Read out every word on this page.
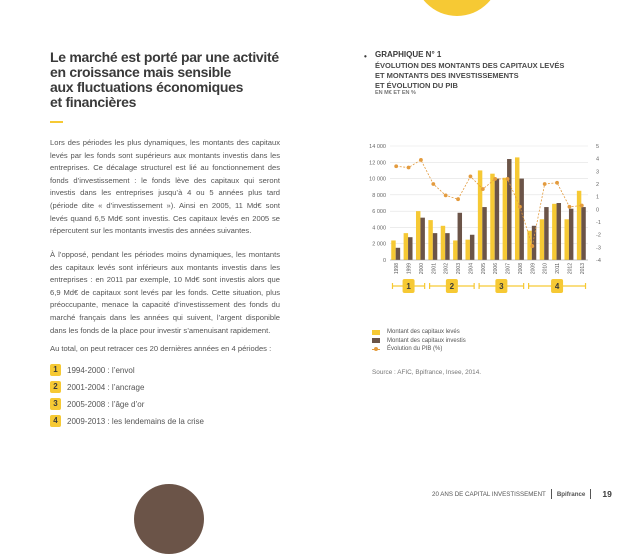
Le marché est porté par une activité
en croissance mais sensible
aux fluctuations économiques
et financières

Lors des périodes les plus dynamiques, les montants des capitaux levés par les fonds sont supérieurs aux montants investis dans les entreprises. Ce décalage structurel est lié au fonctionnement des fonds d’investissement : le fonds lève des capitaux qui seront investis dans les entreprises jusqu’à 4 ou 5 années plus tard (période dite « d’investissement »). Ainsi en 2005, 11 Md€ sont levés quand 6,5 Md€ sont investis. Ces capitaux levés en 2005 se répercutent sur les montants investis des années suivantes.

À l’opposé, pendant les périodes moins dynamiques, les montants des capitaux levés sont inférieurs aux montants investis dans les entreprises : en 2011 par exemple, 10 Md€ sont investis alors que 6,9 Md€ de capitaux sont levés par les fonds. Cette situation, plus préoccupante, menace la capacité d’investissement des fonds du marché français dans les années qui suivent, l’argent disponible dans les fonds de la place pour investir s’amenuisant rapidement.

Au total, on peut retracer ces 20 dernières années en 4 périodes :

1	1994-2000 : l’envol
2	2001-2004 : l’ancrage
3	2005-2008 : l’âge d’or
4	2009-2013 : les lendemains de la crise
• GRAPHIQUE N° 1
ÉVOLUTION DES MONTANTS DES CAPITAUX LEVÉS
ET MONTANTS DES INVESTISSEMENTS
ET ÉVOLUTION DU PIB
EN M€ ET EN %
0
2 000
4 000
6 000
8 000
10 000
12 000
14 000
-4
-3
-2
-1
0
1
2
3
4
5
1998 1999 2000 2001 2002 2003 2004 2005 2006 2007 2008 2009 2010 2011 2012 2013
1	2	3	4
Montant des capitaux levés
Montant des capitaux investis
Évolution du PIB (%)
Source : AFIC, Bpifrance, Insee, 2014.
20 ANS DE CAPITAL INVESTISSEMENT Bpifrance 19
